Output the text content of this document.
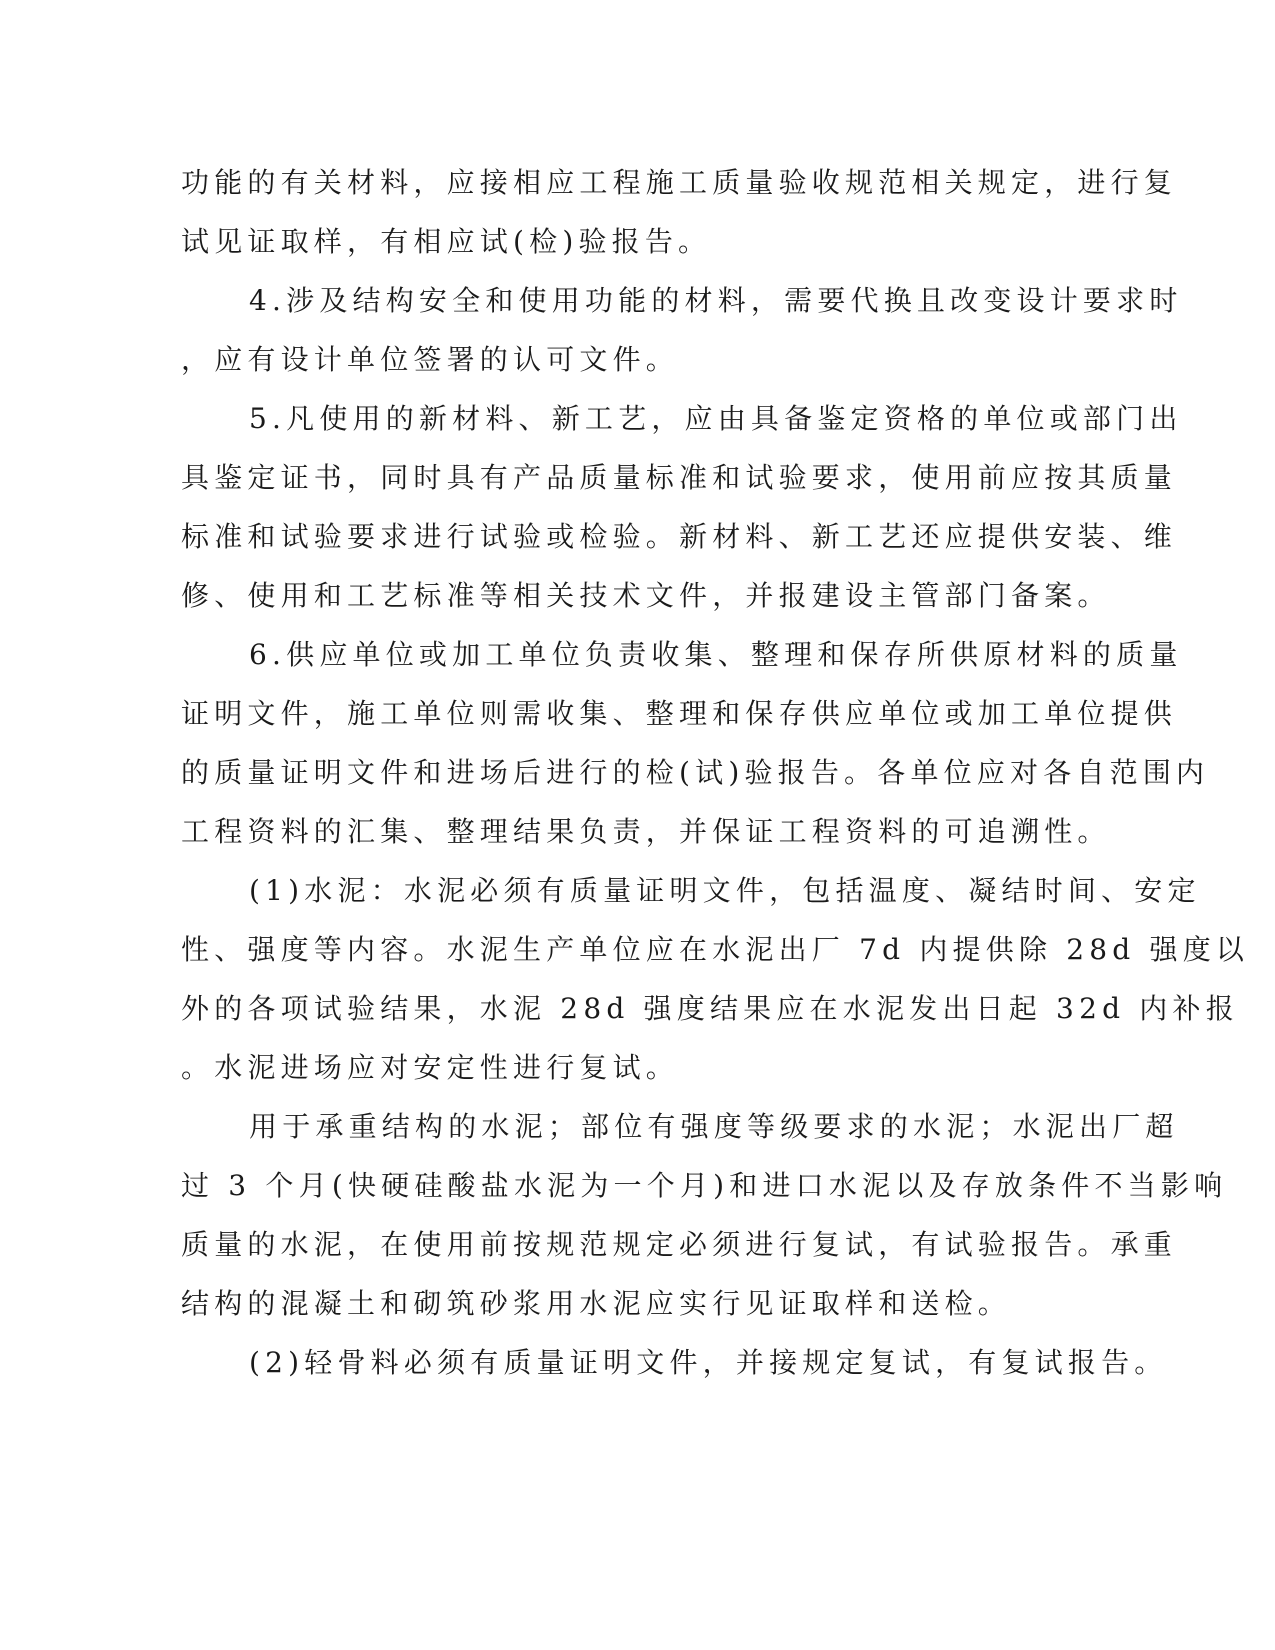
功能的有关材料，应接相应工程施工质量验收规范相关规定，进行复
试见证取样，有相应试(检)验报告。
4.涉及结构安全和使用功能的材料，需要代换且改变设计要求时
，应有设计单位签署的认可文件。
5.凡使用的新材料、新工艺，应由具备鉴定资格的单位或部门出
具鉴定证书，同时具有产品质量标准和试验要求，使用前应按其质量
标准和试验要求进行试验或检验。新材料、新工艺还应提供安装、维
修、使用和工艺标准等相关技术文件，并报建设主管部门备案。
6.供应单位或加工单位负责收集、整理和保存所供原材料的质量
证明文件，施工单位则需收集、整理和保存供应单位或加工单位提供
的质量证明文件和进场后进行的检(试)验报告。各单位应对各自范围内
工程资料的汇集、整理结果负责，并保证工程资料的可追溯性。
(1)水泥：水泥必须有质量证明文件，包括温度、凝结时间、安定
性、强度等内容。水泥生产单位应在水泥出厂 7d 内提供除 28d 强度以
外的各项试验结果，水泥 28d 强度结果应在水泥发出日起 32d 内补报
。水泥进场应对安定性进行复试。
用于承重结构的水泥；部位有强度等级要求的水泥；水泥出厂超
过 3 个月(快硬硅酸盐水泥为一个月)和进口水泥以及存放条件不当影响
质量的水泥，在使用前按规范规定必须进行复试，有试验报告。承重
结构的混凝土和砌筑砂浆用水泥应实行见证取样和送检。
(2)轻骨料必须有质量证明文件，并接规定复试，有复试报告。
